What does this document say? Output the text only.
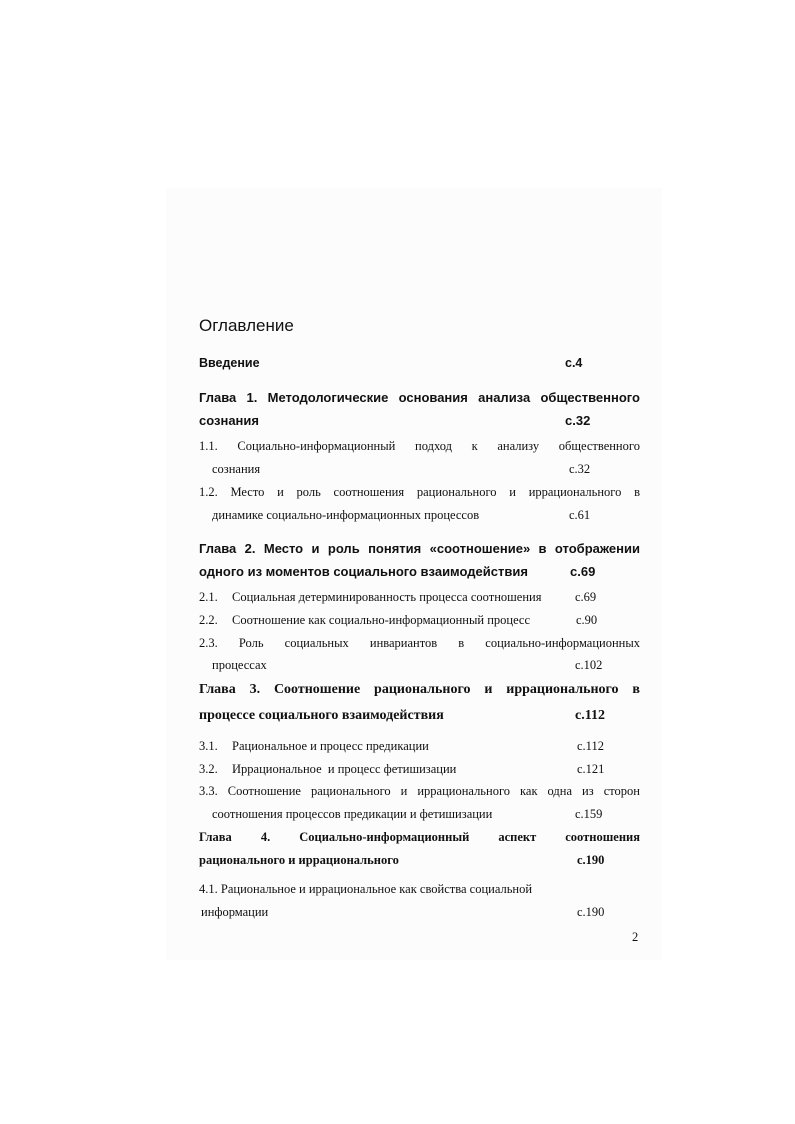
Оглавление
Введение	с.4
Глава 1. Методологические основания анализа общественного
сознания	с.32
1.1. Социально-информационный подход к анализу общественного
сознания	с.32
1.2. Место и роль соотношения рационального и иррационального в
динамике социально-информационных процессов	с.61
Глава 2. Место и роль понятия «соотношение» в отображении
одного из моментов социального взаимодействия	с.69
2.1. Социальная детерминированность процесса соотношения	с.69
2.2. Соотношение как социально-информационный процесс	с.90
2.3. Роль социальных инвариантов в социально-информационных
процессах	с.102
Глава 3. Соотношение рационального и иррационального в
процессе социального взаимодействия	с.112
3.1. Рациональное и процесс предикации	с.112
3.2. Иррациональное  и процесс фетишизации	с.121
3.3. Соотношение рационального и иррационального как одна из сторон
соотношения процессов предикации и фетишизации	с.159
Глава 4. Социально-информационный аспект соотношения
рационального и иррационального	с.190
4.1. Рациональное и иррациональное как свойства социальной
информации	с.190
2
